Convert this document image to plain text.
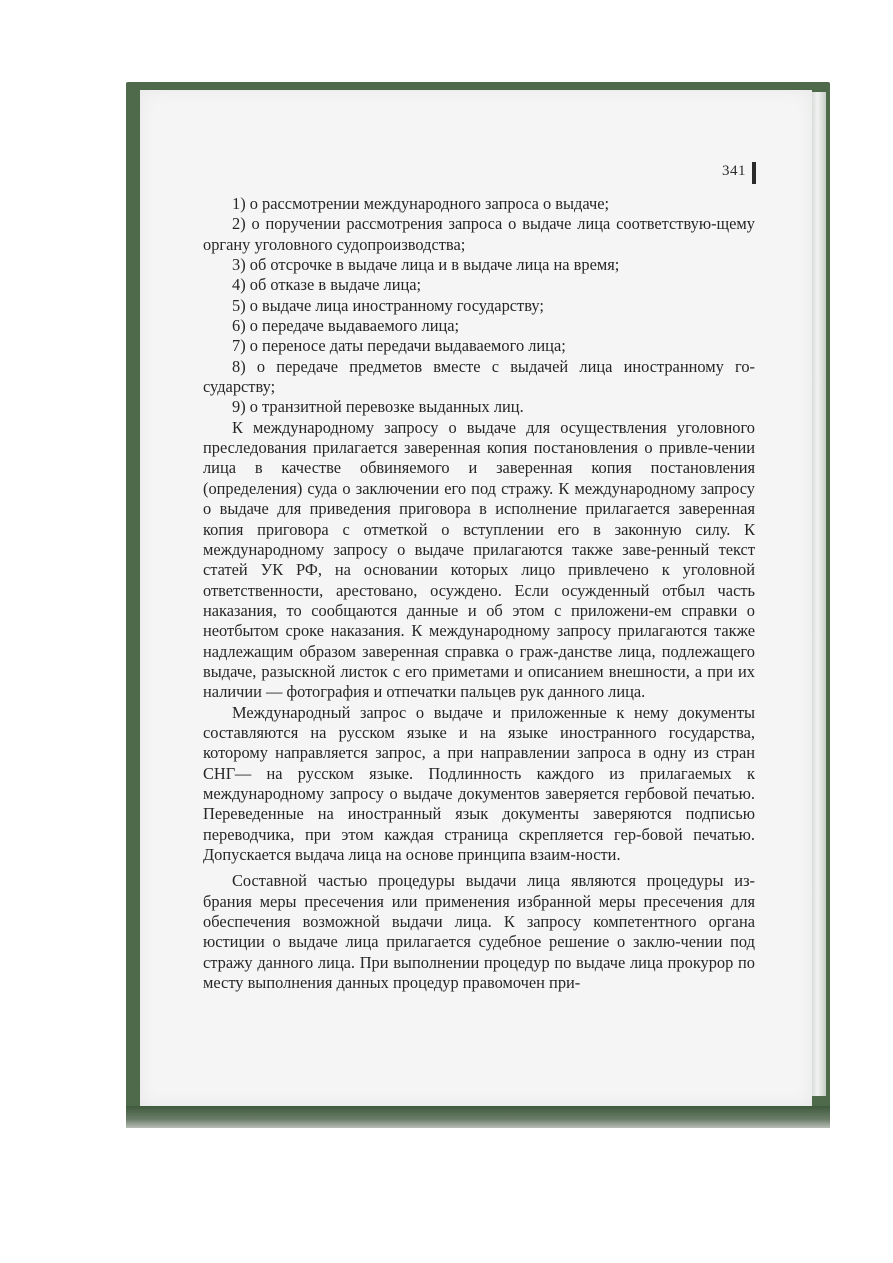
341

1) о рассмотрении международного запроса о выдаче;

2) о поручении рассмотрения запроса о выдаче лица соответствую-щему органу уголовного судопроизводства;

3) об отсрочке в выдаче лица и в выдаче лица на время;

4) об отказе в выдаче лица;

5) о выдаче лица иностранному государству;

6) о передаче выдаваемого лица;

7) о переносе даты передачи выдаваемого лица;

8) о передаче предметов вместе с выдачей лица иностранному го-сударству;

9) о транзитной перевозке выданных лиц.

К международному запросу о выдаче для осуществления уголовного преследования прилагается заверенная копия постановления о привле-чении лица в качестве обвиняемого и заверенная копия постановления (определения) суда о заключении его под стражу. К международному запросу о выдаче для приведения приговора в исполнение прилагается заверенная копия приговора с отметкой о вступлении его в законную силу. К международному запросу о выдаче прилагаются также заве-ренный текст статей УК РФ, на основании которых лицо привлечено к уголовной ответственности, арестовано, осуждено. Если осужденный отбыл часть наказания, то сообщаются данные и об этом с приложени-ем справки о неотбытом сроке наказания. К международному запросу прилагаются также надлежащим образом заверенная справка о граж-данстве лица, подлежащего выдаче, разыскной листок с его приметами и описанием внешности, а при их наличии — фотография и отпечатки пальцев рук данного лица.

Международный запрос о выдаче и приложенные к нему документы составляются на русском языке и на языке иностранного государства, которому направляется запрос, а при направлении запроса в одну из стран СНГ— на русском языке. Подлинность каждого из прилагаемых к международному запросу о выдаче документов заверяется гербовой печатью. Переведенные на иностранный язык документы заверяются подписью переводчика, при этом каждая страница скрепляется гер-бовой печатью. Допускается выдача лица на основе принципа взаим-ности.

Составной частью процедуры выдачи лица являются процедуры из-брания меры пресечения или применения избранной меры пресечения для обеспечения возможной выдачи лица. К запросу компетентного органа юстиции о выдаче лица прилагается судебное решение о заклю-чении под стражу данного лица. При выполнении процедур по выдаче лица прокурор по месту выполнения данных процедур правомочен при-
